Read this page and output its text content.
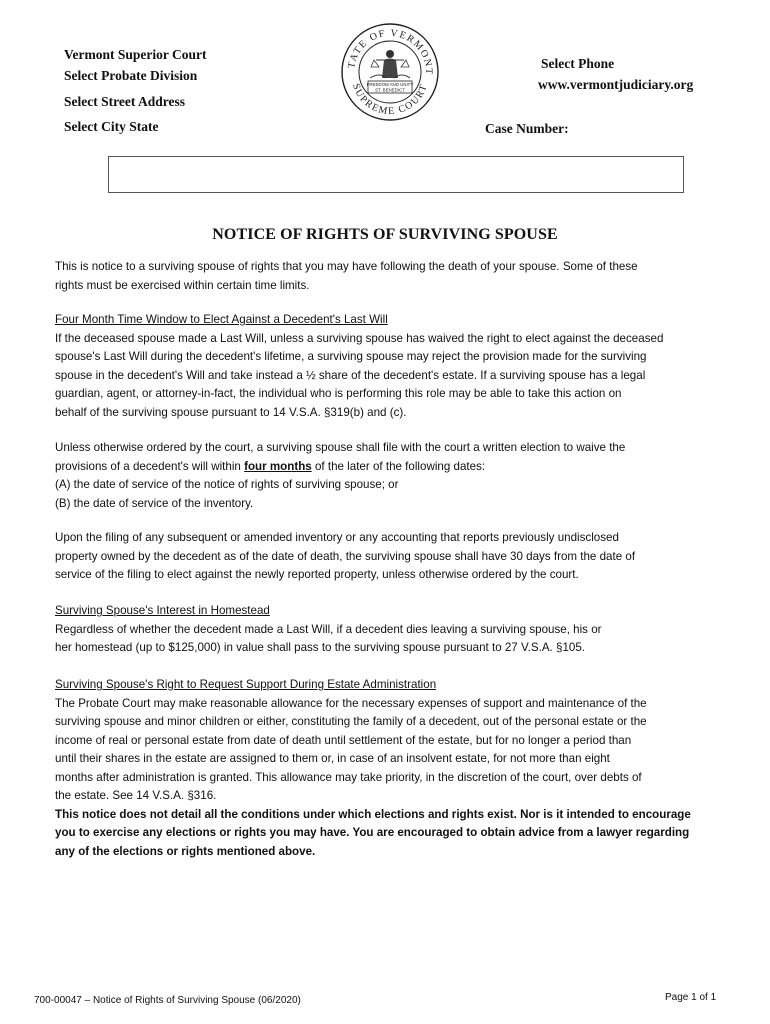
Vermont Superior Court
Select Probate Division
Select Street Address
Select City State
TATE OF VERMONT
SUPREME COURT
FREEDOM AND UNITY
ST. BENEDICT
Select Phone
www.vermontjudiciary.org
Case Number:
NOTICE OF RIGHTS OF SURVIVING SPOUSE

This is notice to a surviving spouse of rights that you may have following the death of your spouse. Some of these

rights must be exercised within certain time limits.

Four Month Time Window to Elect Against a Decedent's Last Will

If the deceased spouse made a Last Will, unless a surviving spouse has waived the right to elect against the deceased

spouse's Last Will during the decedent's lifetime, a surviving spouse may reject the provision made for the surviving

spouse in the decedent's Will and take instead a ½ share of the decedent's estate. If a surviving spouse has a legal

guardian, agent, or attorney-in-fact, the individual who is performing this role may be able to take this action on

behalf of the surviving spouse pursuant to 14 V.S.A. §319(b) and (c).

Unless otherwise ordered by the court, a surviving spouse shall file with the court a written election to waive the

provisions of a decedent's will within four months of the later of the following dates:

(A) the date of service of the notice of rights of surviving spouse; or

(B) the date of service of the inventory.

Upon the filing of any subsequent or amended inventory or any accounting that reports previously undisclosed

property owned by the decedent as of the date of death, the surviving spouse shall have 30 days from the date of

service of the filing to elect against the newly reported property, unless otherwise ordered by the court.

Surviving Spouse's Interest in Homestead

Regardless of whether the decedent made a Last Will, if a decedent dies leaving a surviving spouse, his or

her homestead (up to $125,000) in value shall pass to the surviving spouse pursuant to 27 V.S.A. §105.

Surviving Spouse's Right to Request Support During Estate Administration

The Probate Court may make reasonable allowance for the necessary expenses of support and maintenance of the

surviving spouse and minor children or either, constituting the family of a decedent, out of the personal estate or the

income of real or personal estate from date of death until settlement of the estate, but for no longer a period than

until their shares in the estate are assigned to them or, in case of an insolvent estate, for not more than eight

months after administration is granted. This allowance may take priority, in the discretion of the court, over debts of

the estate. See 14 V.S.A. §316.

This notice does not detail all the conditions under which elections and rights exist. Nor is it intended to encourage

you to exercise any elections or rights you may have. You are encouraged to obtain advice from a lawyer regarding

any of the elections or rights mentioned above.

700-00047 – Notice of Rights of Surviving Spouse (06/2020)	Page 1 of 1
